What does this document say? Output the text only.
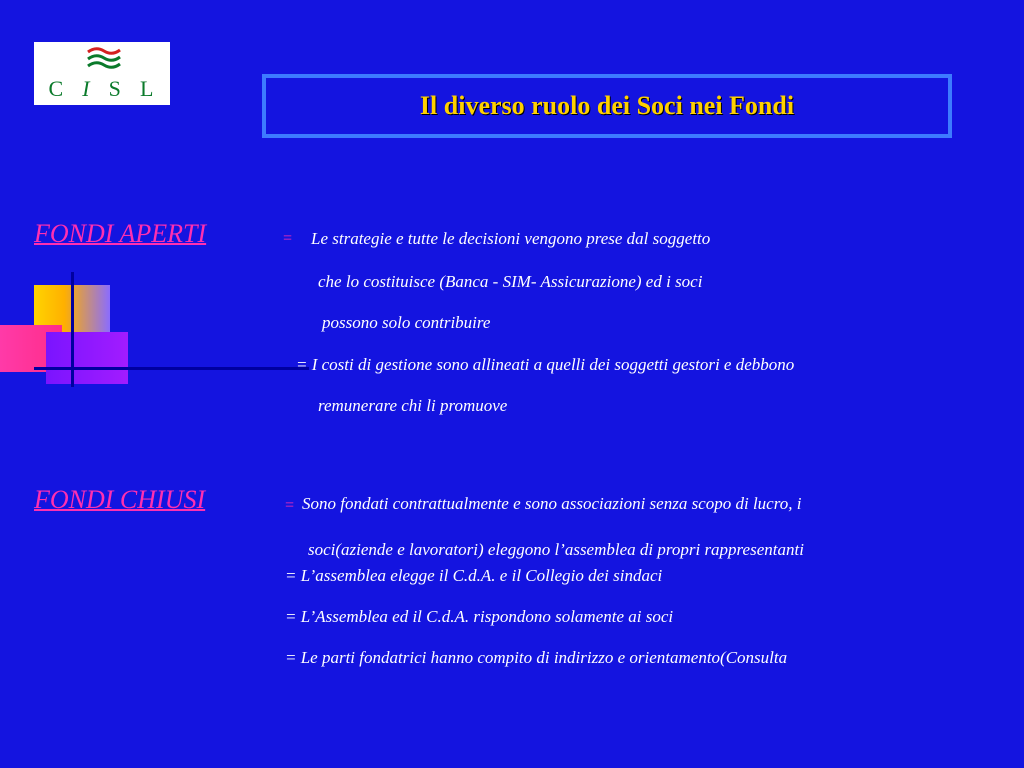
C I S L
Il diverso ruolo dei Soci nei Fondi
FONDI APERTI	= Le strategie e tutte le decisioni vengono prese dal soggetto
che lo costituisce (Banca - SIM- Assicurazione) ed i soci
possono solo contribuire
= I costi di gestione sono allineati a quelli dei soggetti gestori e debbono
remunerare chi li promuove
FONDI CHIUSI	= Sono fondati contrattualmente e sono associazioni senza scopo di lucro, i
soci(aziende e lavoratori) eleggono l’assemblea di propri rappresentanti
= L’assemblea elegge il C.d.A. e il Collegio dei sindaci
= L’Assemblea ed il C.d.A. rispondono solamente ai soci
= Le parti fondatrici hanno compito di indirizzo e orientamento(Consulta
